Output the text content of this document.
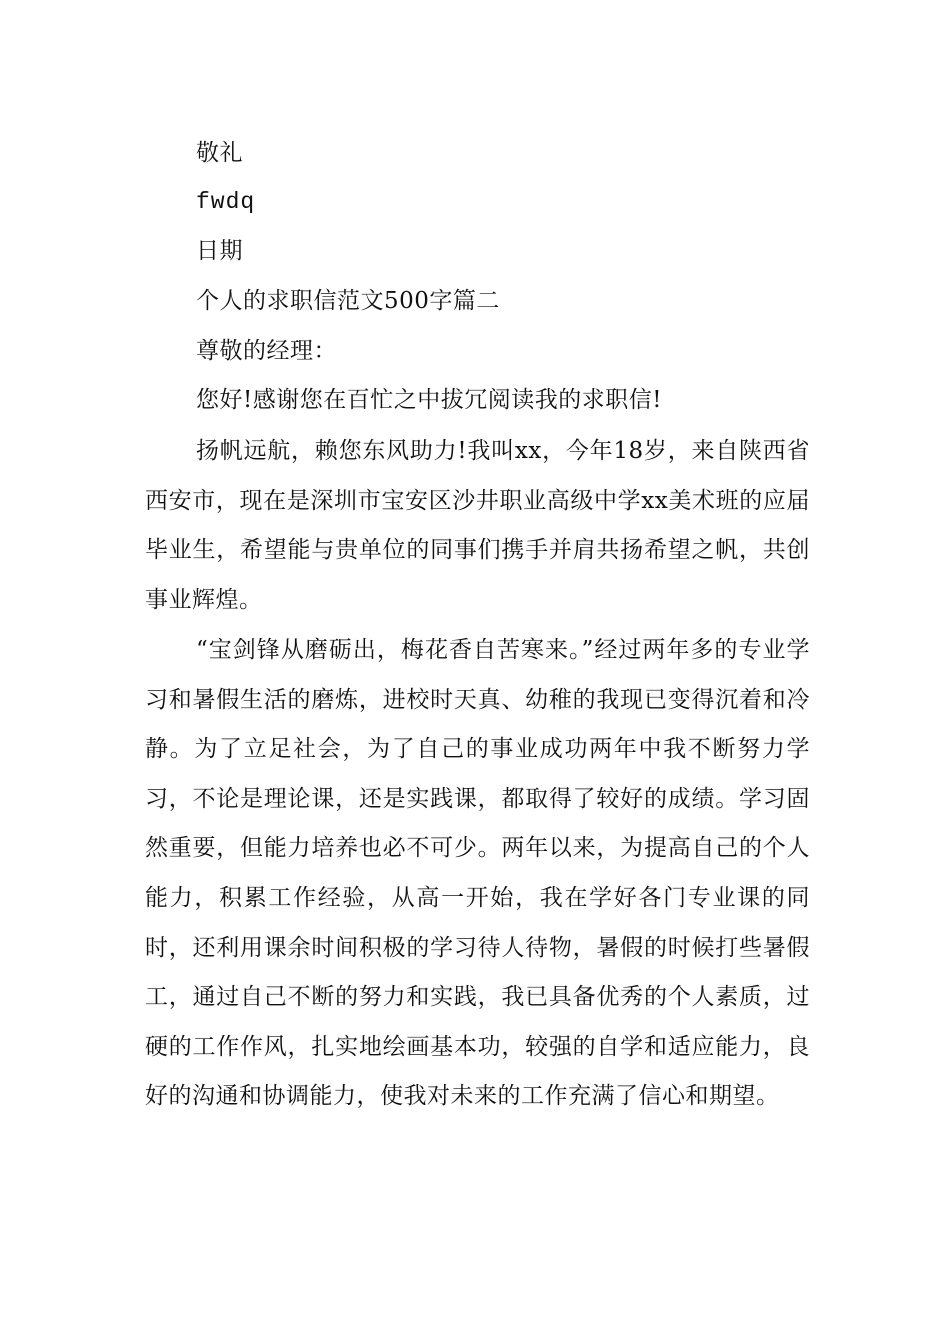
敬礼
fwdq
日期
个人的求职信范文500字篇二
尊敬的经理：
您好!感谢您在百忙之中拔冗阅读我的求职信!

扬帆远航，赖您东风助力!我叫xx，今年18岁，来自陕西省西安市，现在是深圳市宝安区沙井职业高级中学xx美术班的应届毕业生，希望能与贵单位的同事们携手并肩共扬希望之帆，共创事业辉煌。

“宝剑锋从磨砺出，梅花香自苦寒来。”经过两年多的专业学习和暑假生活的磨炼，进校时天真、幼稚的我现已变得沉着和冷静。为了立足社会，为了自己的事业成功两年中我不断努力学习，不论是理论课，还是实践课，都取得了较好的成绩。学习固然重要，但能力培养也必不可少。两年以来，为提高自己的个人能力，积累工作经验，从高一开始，我在学好各门专业课的同时，还利用课余时间积极的学习待人待物，暑假的时候打些暑假工，通过自己不断的努力和实践，我已具备优秀的个人素质，过硬的工作作风，扎实地绘画基本功，较强的自学和适应能力，良好的沟通和协调能力，使我对未来的工作充满了信心和期望。
